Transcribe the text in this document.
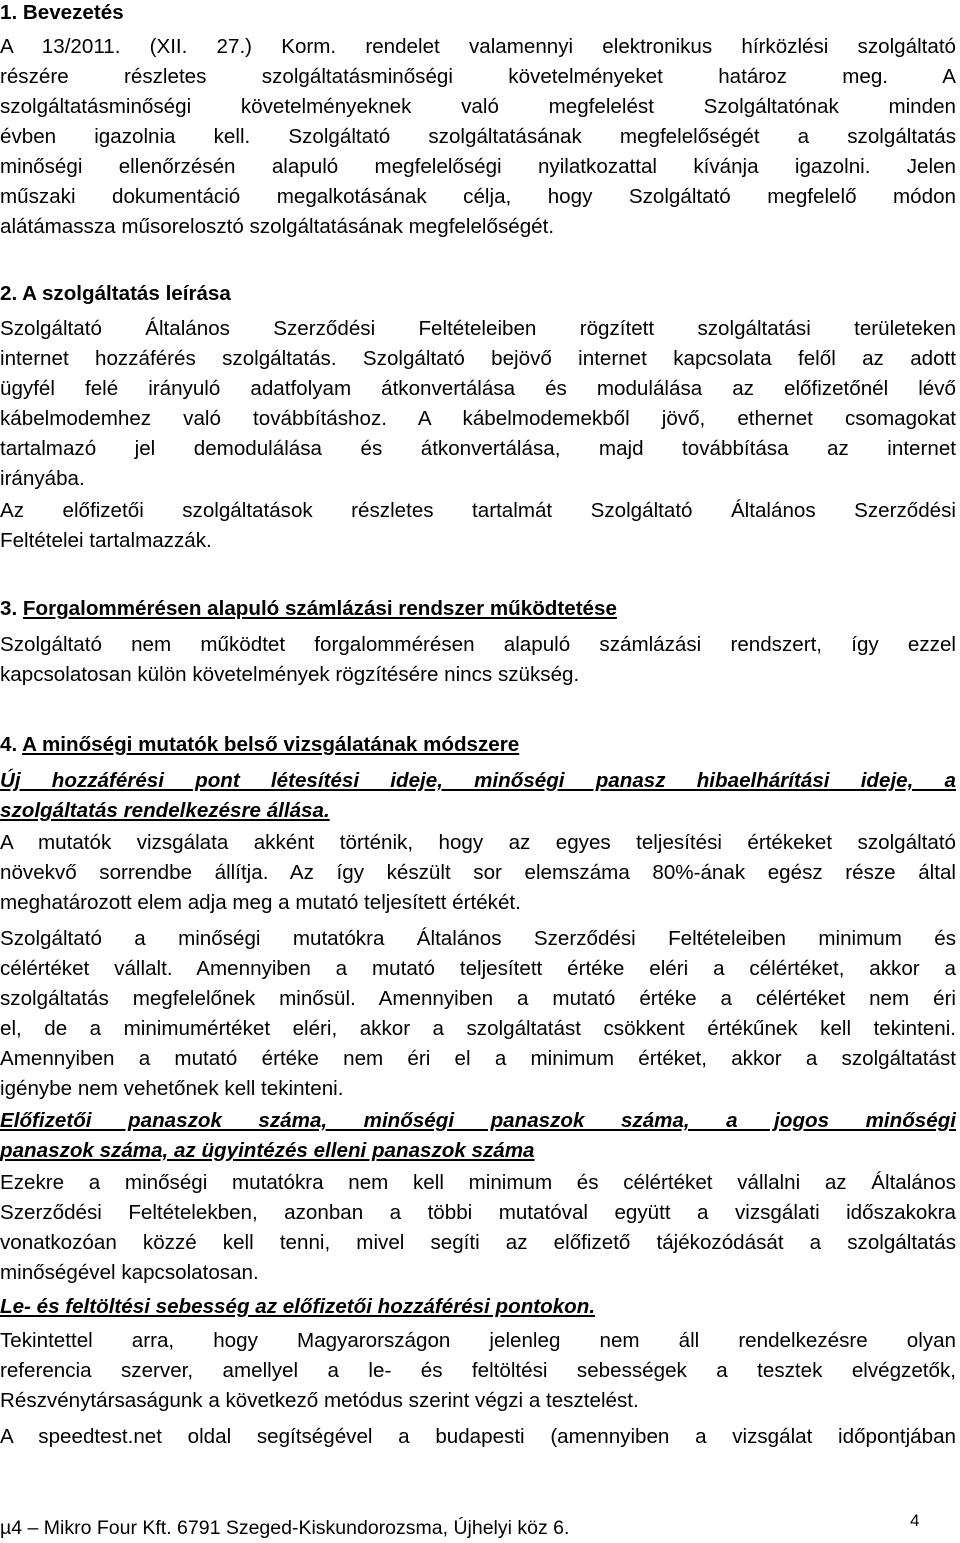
1. Bevezetés
A 13/2011. (XII. 27.) Korm. rendelet valamennyi elektronikus hírközlési szolgáltató
részére részletes szolgáltatásminőségi követelményeket határoz meg. A
szolgáltatásminőségi követelményeknek való megfelelést Szolgáltatónak minden
évben igazolnia kell. Szolgáltató szolgáltatásának megfelelőségét a szolgáltatás
minőségi ellenőrzésén alapuló megfelelőségi nyilatkozattal kívánja igazolni. Jelen
műszaki dokumentáció megalkotásának célja, hogy Szolgáltató megfelelő módon
alátámassza műsorelosztó szolgáltatásának megfelelőségét.
2. A szolgáltatás leírása
Szolgáltató Általános Szerződési Feltételeiben rögzített szolgáltatási területeken
internet hozzáférés szolgáltatás. Szolgáltató bejövő internet kapcsolata felől az adott
ügyfél felé irányuló adatfolyam átkonvertálása és modulálása az előfizetőnél lévő
kábelmodemhez való továbbításhoz. A kábelmodemekből jövő, ethernet csomagokat
tartalmazó jel demodulálása és átkonvertálása, majd továbbítása az internet
irányába.
Az előfizetői szolgáltatások részletes tartalmát Szolgáltató Általános Szerződési
Feltételei tartalmazzák.
3. Forgalommérésen alapuló számlázási rendszer működtetése
Szolgáltató nem működtet forgalommérésen alapuló számlázási rendszert, így ezzel
kapcsolatosan külön követelmények rögzítésére nincs szükség.
4. A minőségi mutatók belső vizsgálatának módszere
Új hozzáférési pont létesítési ideje, minőségi panasz hibaelhárítási ideje, a
szolgáltatás rendelkezésre állása.
A mutatók vizsgálata akként történik, hogy az egyes teljesítési értékeket szolgáltató
növekvő sorrendbe állítja. Az így készült sor elemszáma 80%-ának egész része által
meghatározott elem adja meg a mutató teljesített értékét.
Szolgáltató a minőségi mutatókra Általános Szerződési Feltételeiben minimum és
célértéket vállalt. Amennyiben a mutató teljesített értéke eléri a célértéket, akkor a
szolgáltatás megfelelőnek minősül. Amennyiben a mutató értéke a célértéket nem éri
el, de a minimumértéket eléri, akkor a szolgáltatást csökkent értékűnek kell tekinteni.
Amennyiben a mutató értéke nem éri el a minimum értéket, akkor a szolgáltatást
igénybe nem vehetőnek kell tekinteni.
Előfizetői panaszok száma, minőségi panaszok száma, a jogos minőségi
panaszok száma, az ügyintézés elleni panaszok száma
Ezekre a minőségi mutatókra nem kell minimum és célértéket vállalni az Általános
Szerződési Feltételekben, azonban a többi mutatóval együtt a vizsgálati időszakokra
vonatkozóan közzé kell tenni, mivel segíti az előfizető tájékozódását a szolgáltatás
minőségével kapcsolatosan.
Le- és feltöltési sebesség az előfizetői hozzáférési pontokon.
Tekintettel arra, hogy Magyarországon jelenleg nem áll rendelkezésre olyan
referencia szerver, amellyel a le- és feltöltési sebességek a tesztek elvégzetők,
Részvénytársaságunk a következő metódus szerint végzi a tesztelést.
A speedtest.net oldal segítségével a budapesti (amennyiben a vizsgálat időpontjában
µ4 – Mikro Four Kft. 6791 Szeged-Kiskundorozsma, Újhelyi köz 6.	4
